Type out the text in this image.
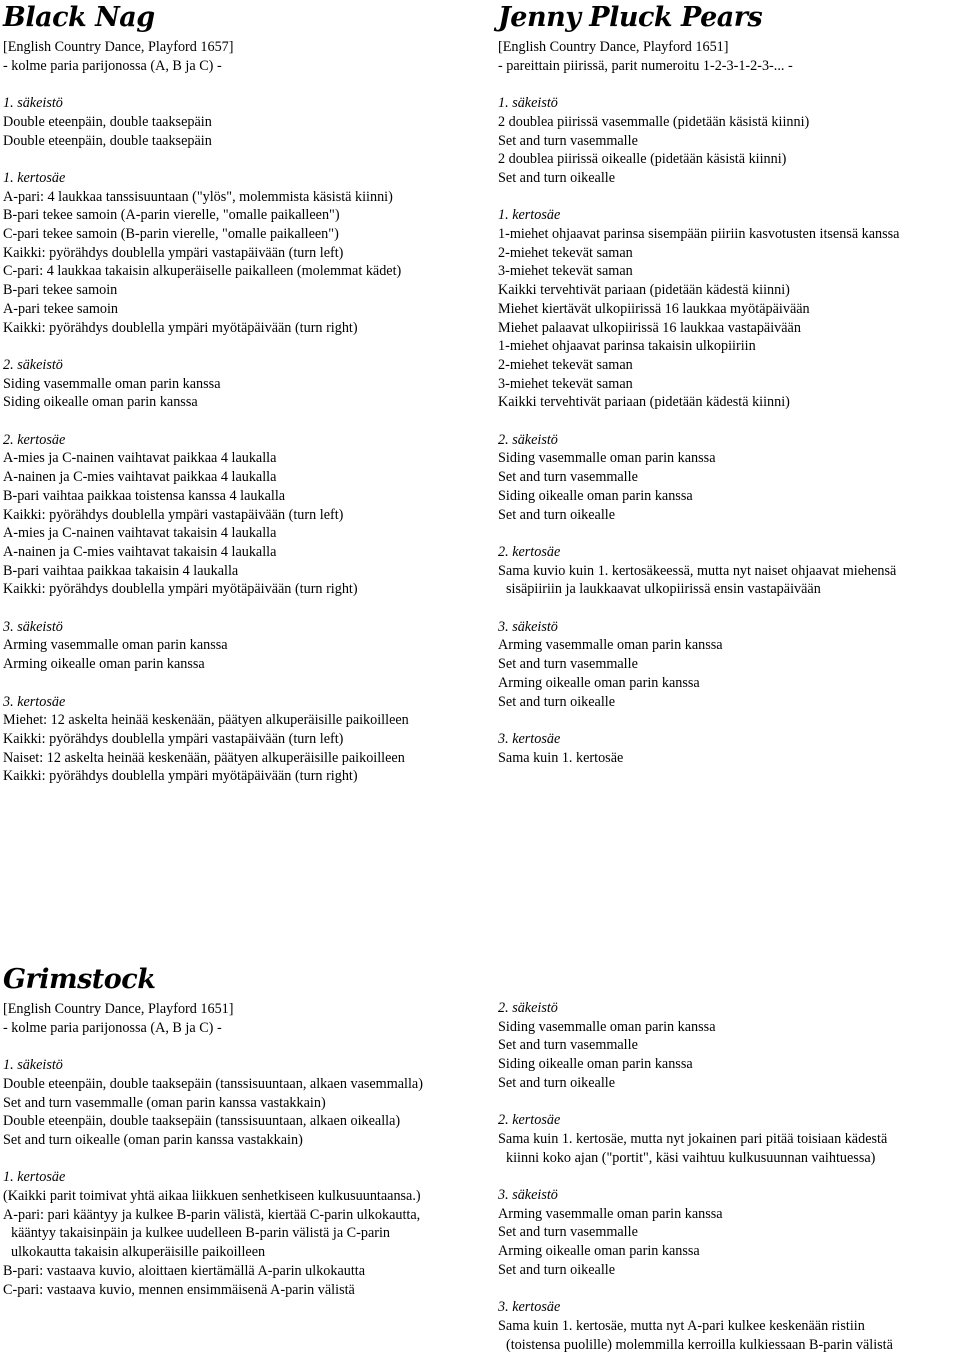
Black Nag
[English Country Dance, Playford 1657]
- kolme paria parijonossa (A, B ja C) -
1. säkeistö
Double eteenpäin, double taaksepäin
Double eteenpäin, double taaksepäin
1. kertosäe
A-pari: 4 laukkaa tanssisuuntaan ("ylös", molemmista käsistä kiinni)
B-pari tekee samoin (A-parin vierelle, "omalle paikalleen")
C-pari tekee samoin (B-parin vierelle, "omalle paikalleen")
Kaikki: pyörähdys doublella ympäri vastapäivään (turn left)
C-pari: 4 laukkaa takaisin alkuperäiselle paikalleen (molemmat kädet)
B-pari tekee samoin
A-pari tekee samoin
Kaikki: pyörähdys doublella ympäri myötäpäivään (turn right)
2. säkeistö
Siding vasemmalle oman parin kanssa
Siding oikealle oman parin kanssa
2. kertosäe
A-mies ja C-nainen vaihtavat paikkaa 4 laukalla
A-nainen ja C-mies vaihtavat paikkaa 4 laukalla
B-pari vaihtaa paikkaa toistensa kanssa 4 laukalla
Kaikki: pyörähdys doublella ympäri vastapäivään (turn left)
A-mies ja C-nainen vaihtavat takaisin 4 laukalla
A-nainen ja C-mies vaihtavat takaisin 4 laukalla
B-pari vaihtaa paikkaa takaisin 4 laukalla
Kaikki: pyörähdys doublella ympäri myötäpäivään (turn right)
3. säkeistö
Arming vasemmalle oman parin kanssa
Arming oikealle oman parin kanssa
3. kertosäe
Miehet: 12 askelta heinää keskenään, päätyen alkuperäisille paikoilleen
Kaikki: pyörähdys doublella ympäri vastapäivään (turn left)
Naiset: 12 askelta heinää keskenään, päätyen alkuperäisille paikoilleen
Kaikki: pyörähdys doublella ympäri myötäpäivään (turn right)
Jenny Pluck Pears
[English Country Dance, Playford 1651]
- pareittain piirissä, parit numeroitu 1-2-3-1-2-3-... -
1. säkeistö
2 doublea piirissä vasemmalle (pidetään käsistä kiinni)
Set and turn vasemmalle
2 doublea piirissä oikealle (pidetään käsistä kiinni)
Set and turn oikealle
1. kertosäe
1-miehet ohjaavat parinsa sisempään piiriin kasvotusten itsensä kanssa
2-miehet tekevät saman
3-miehet tekevät saman
Kaikki tervehtivät pariaan (pidetään kädestä kiinni)
Miehet kiertävät ulkopiirissä 16 laukkaa myötäpäivään
Miehet palaavat ulkopiirissä 16 laukkaa vastapäivään
1-miehet ohjaavat parinsa takaisin ulkopiiriin
2-miehet tekevät saman
3-miehet tekevät saman
Kaikki tervehtivät pariaan (pidetään kädestä kiinni)
2. säkeistö
Siding vasemmalle oman parin kanssa
Set and turn vasemmalle
Siding oikealle oman parin kanssa
Set and turn oikealle
2. kertosäe
Sama kuvio kuin 1. kertosäkeessä, mutta nyt naiset ohjaavat miehensä
sisäpiiriin ja laukkaavat ulkopiirissä ensin vastapäivään
3. säkeistö
Arming vasemmalle oman parin kanssa
Set and turn vasemmalle
Arming oikealle oman parin kanssa
Set and turn oikealle
3. kertosäe
Sama kuin 1. kertosäe
Grimstock
[English Country Dance, Playford 1651]
- kolme paria parijonossa (A, B ja C) -
1. säkeistö
Double eteenpäin, double taaksepäin (tanssisuuntaan, alkaen vasemmalla)
Set and turn vasemmalle (oman parin kanssa vastakkain)
Double eteenpäin, double taaksepäin (tanssisuuntaan, alkaen oikealla)
Set and turn oikealle (oman parin kanssa vastakkain)
1. kertosäe
(Kaikki parit toimivat yhtä aikaa liikkuen senhetkiseen kulkusuuntaansa.)
A-pari: pari kääntyy ja kulkee B-parin välistä, kiertää C-parin ulkokautta,
kääntyy takaisinpäin ja kulkee uudelleen B-parin välistä ja C-parin
ulkokautta takaisin alkuperäisille paikoilleen
B-pari: vastaava kuvio, aloittaen kiertämällä A-parin ulkokautta
C-pari: vastaava kuvio, mennen ensimmäisenä A-parin välistä
2. säkeistö
Siding vasemmalle oman parin kanssa
Set and turn vasemmalle
Siding oikealle oman parin kanssa
Set and turn oikealle
2. kertosäe
Sama kuin 1. kertosäe, mutta nyt jokainen pari pitää toisiaan kädestä
kiinni koko ajan ("portit", käsi vaihtuu kulkusuunnan vaihtuessa)
3. säkeistö
Arming vasemmalle oman parin kanssa
Set and turn vasemmalle
Arming oikealle oman parin kanssa
Set and turn oikealle
3. kertosäe
Sama kuin 1. kertosäe, mutta nyt A-pari kulkee keskenään ristiin
(toistensa puolille) molemmilla kerroilla kulkiessaan B-parin välistä
